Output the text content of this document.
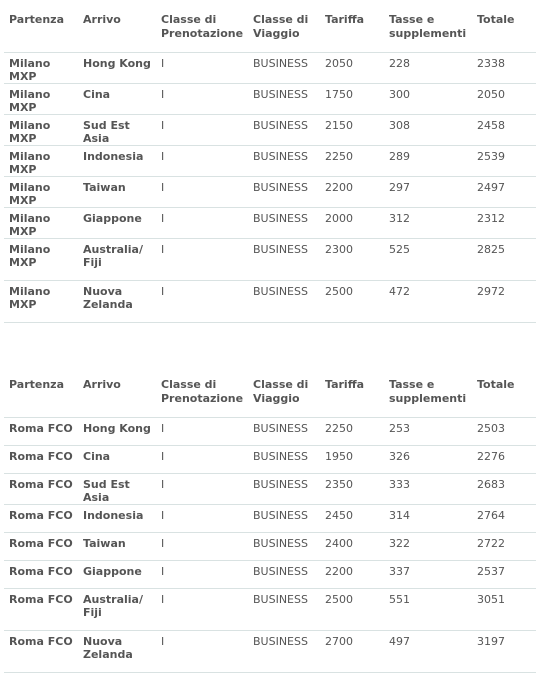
Partenza	Arrivo	Classe di Prenotazione	Classe di Viaggio	Tariffa	Tasse e supplementi	Totale
Milano MXP	Hong Kong	I	BUSINESS	2050	228	2338
Milano MXP	Cina	I	BUSINESS	1750	300	2050
Milano MXP	Sud Est Asia	I	BUSINESS	2150	308	2458
Milano MXP	Indonesia	I	BUSINESS	2250	289	2539
Milano MXP	Taiwan	I	BUSINESS	2200	297	2497
Milano MXP	Giappone	I	BUSINESS	2000	312	2312
Milano MXP	Australia/ Fiji	I	BUSINESS	2300	525	2825
Milano MXP	Nuova Zelanda	I	BUSINESS	2500	472	2972
Partenza	Arrivo	Classe di Prenotazione	Classe di Viaggio	Tariffa	Tasse e supplementi	Totale
Roma FCO	Hong Kong	I	BUSINESS	2250	253	2503
Roma FCO	Cina	I	BUSINESS	1950	326	2276
Roma FCO	Sud Est Asia	I	BUSINESS	2350	333	2683
Roma FCO	Indonesia	I	BUSINESS	2450	314	2764
Roma FCO	Taiwan	I	BUSINESS	2400	322	2722
Roma FCO	Giappone	I	BUSINESS	2200	337	2537
Roma FCO	Australia/ Fiji	I	BUSINESS	2500	551	3051
Roma FCO	Nuova Zelanda	I	BUSINESS	2700	497	3197
